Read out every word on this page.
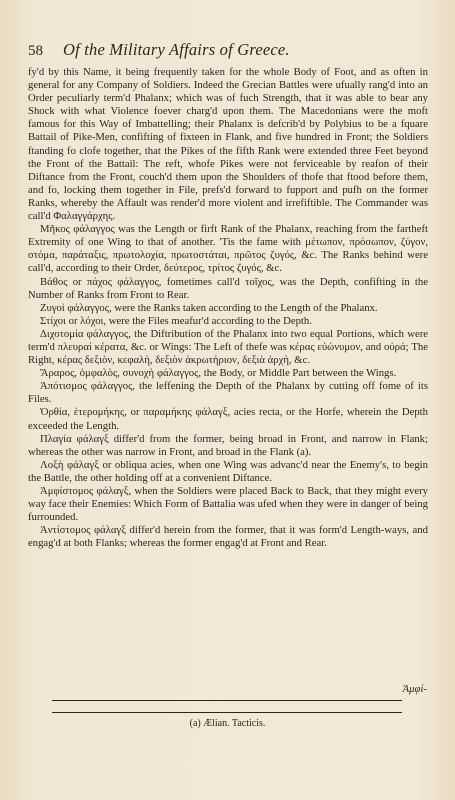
58 Of the Military Affairs of Greece.

fy'd by this Name, it being frequently taken for the whole Body of Foot, and as often in general for any Company of Soldiers. Indeed the Grecian Battles were ufually rang'd into an Order peculiarly term'd Phalanx; which was of fuch Strength, that it was able to bear any Shock with what Violence foever charg'd upon them. The Macedonians were the moft famous for this Way of Imbattelling; their Phalanx is defcrib'd by Polybius to be a fquare Battail of Pike-Men, confifting of fixteen in Flank, and five hundred in Front; the Soldiers ftanding fo clofe together, that the Pikes of the fifth Rank were extended three Feet beyond the Front of the Battail: The reft, whofe Pikes were not ferviceable by reafon of their Diftance from the Front, couch'd them upon the Shoulders of thofe that ftood before them, and fo, locking them together in File, prefs'd forward to fupport and pufh on the former Ranks, whereby the Affault was render'd more violent and irrefiftible. The Commander was call'd Φαλαγγάρχης.

Μῆκος φάλαγγος was the Length or firft Rank of the Phalanx, reaching from the fartheft Extremity of one Wing to that of another. 'Tis the fame with μέτωπον, πρόσωπον, ζύγον, στόμα, παράταξις, πρωτολοχία, πρωτοστάται, πρῶτος ζυγός, &c. The Ranks behind were call'd, according to their Order, δεύτερος, τρίτος ζυγός, &c.

Βάθος or πάχος φάλαγγος, fometimes call'd τοῖχος, was the Depth, confifting in the Number of Ranks from Front to Rear.

Ζυγοὶ φάλαγγος, were the Ranks taken according to the Length of the Phalanx.

Στίχοι or λόχοι, were the Files meafur'd according to the Depth.

Διχοτομία φάλαγγος, the Diftribution of the Phalanx into two equal Portions, which were term'd πλευραί κέρατα, &c. or Wings: The Left of thefe was κέρας εὐώνυμον, and οὐρά; The Right, κέρας δεξιὸν, κεφαλὴ, δεξιὸν ἀκρωτήριον, δεξιὰ ἀρχὴ, &c.

Ἄραρος, ὀμφαλὸς, συνοχὴ φάλαγγος, the Body, or Middle Part between the Wings.

Ἀπότισμος φάλαγγος, the leffening the Depth of the Phalanx by cutting off fome of its Files.

Ὀρθία, ἑτερομήκης, or παραμήκης φάλαγξ, acies recta, or the Horfe, wherein the Depth exceeded the Length.

Πλαγία φάλαγξ differ'd from the former, being broad in Front, and narrow in Flank; whereas the other was narrow in Front, and broad in the Flank (a).

Λοξὴ φάλαγξ or obliqua acies, when one Wing was advanc'd near the Enemy's, to begin the Battle, the other holding off at a convenient Diftance.

Ἀμφίστομος φάλαγξ, when the Soldiers were placed Back to Back, that they might every way face their Enemies: Which Form of Battalia was ufed when they were in danger of being furrounded.

Ἀντίστομος φάλαγξ differ'd herein from the former, that it was form'd Length-ways, and engag'd at both Flanks; whereas the former engag'd at Front and Rear.

Ἀμφί-
(a) Ælian. Tacticis.
